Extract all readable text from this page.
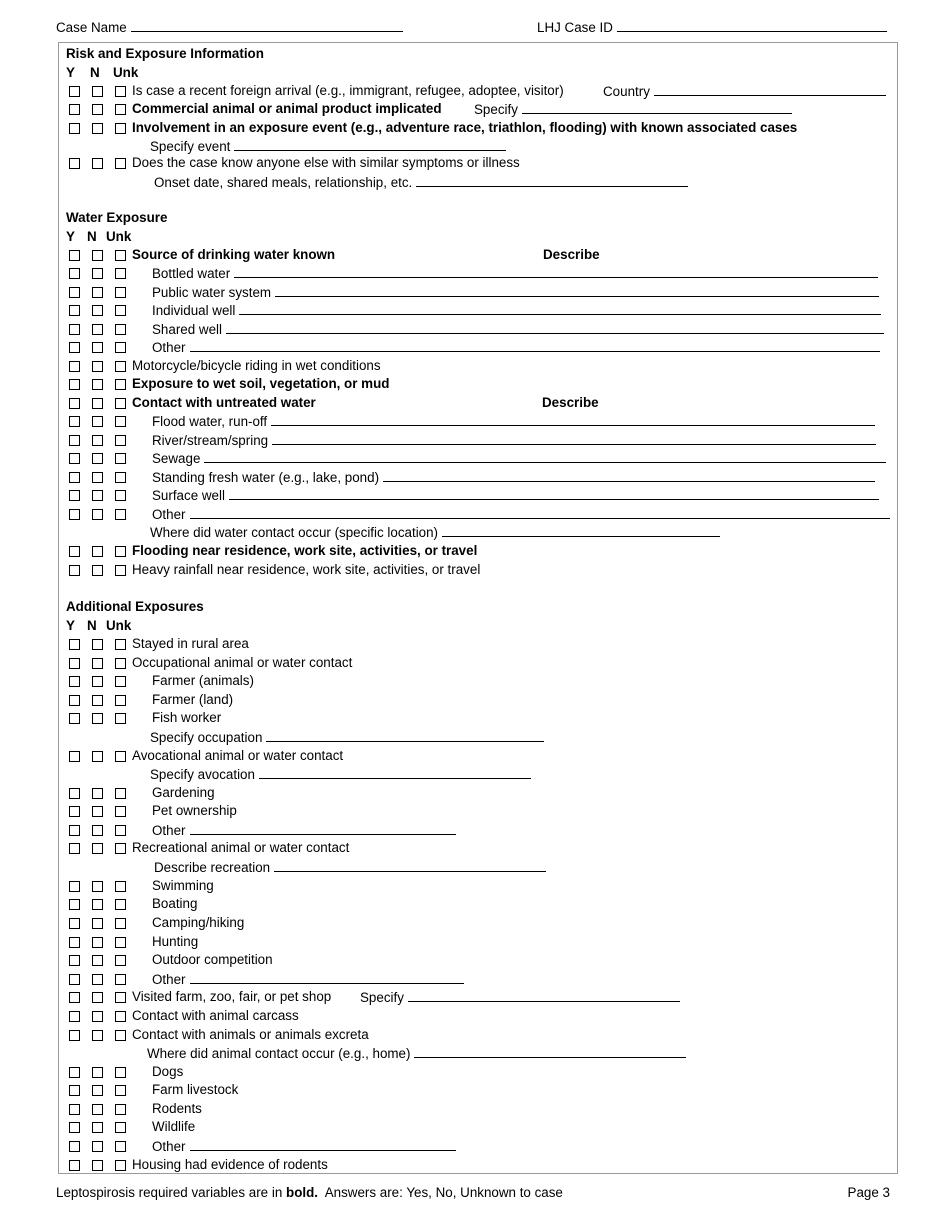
Case Name	LHJ Case ID
Risk and Exposure Information
Y N Unk
Is case a recent foreign arrival (e.g., immigrant, refugee, adoptee, visitor)	Country
Commercial animal or animal product implicated Specify
Involvement in an exposure event (e.g., adventure race, triathlon, flooding) with known associated cases
Specify event
Does the case know anyone else with similar symptoms or illness
Onset date, shared meals, relationship, etc.
Water Exposure
Y N Unk
Source of drinking water known	Describe
Bottled water
Public water system
Individual well
Shared well
Other
Motorcycle/bicycle riding in wet conditions
Exposure to wet soil, vegetation, or mud
Contact with untreated water	Describe
Flood water, run-off
River/stream/spring
Sewage
Standing fresh water (e.g., lake, pond)
Surface well
Other
Where did water contact occur (specific location)
Flooding near residence, work site, activities, or travel
Heavy rainfall near residence, work site, activities, or travel
Additional Exposures
Y N Unk
Stayed in rural area
Occupational animal or water contact
Farmer (animals)
Farmer (land)
Fish worker
Specify occupation
Avocational animal or water contact
Specify avocation
Gardening
Pet ownership
Other
Recreational animal or water contact
Describe recreation
Swimming
Boating
Camping/hiking
Hunting
Outdoor competition
Other
Visited farm, zoo, fair, or pet shop Specify
Contact with animal carcass
Contact with animals or animals excreta
Where did animal contact occur (e.g., home)
Dogs
Farm livestock
Rodents
Wildlife
Other
Housing had evidence of rodents
Leptospirosis required variables are in bold. Answers are: Yes, No, Unknown to case	Page 3
